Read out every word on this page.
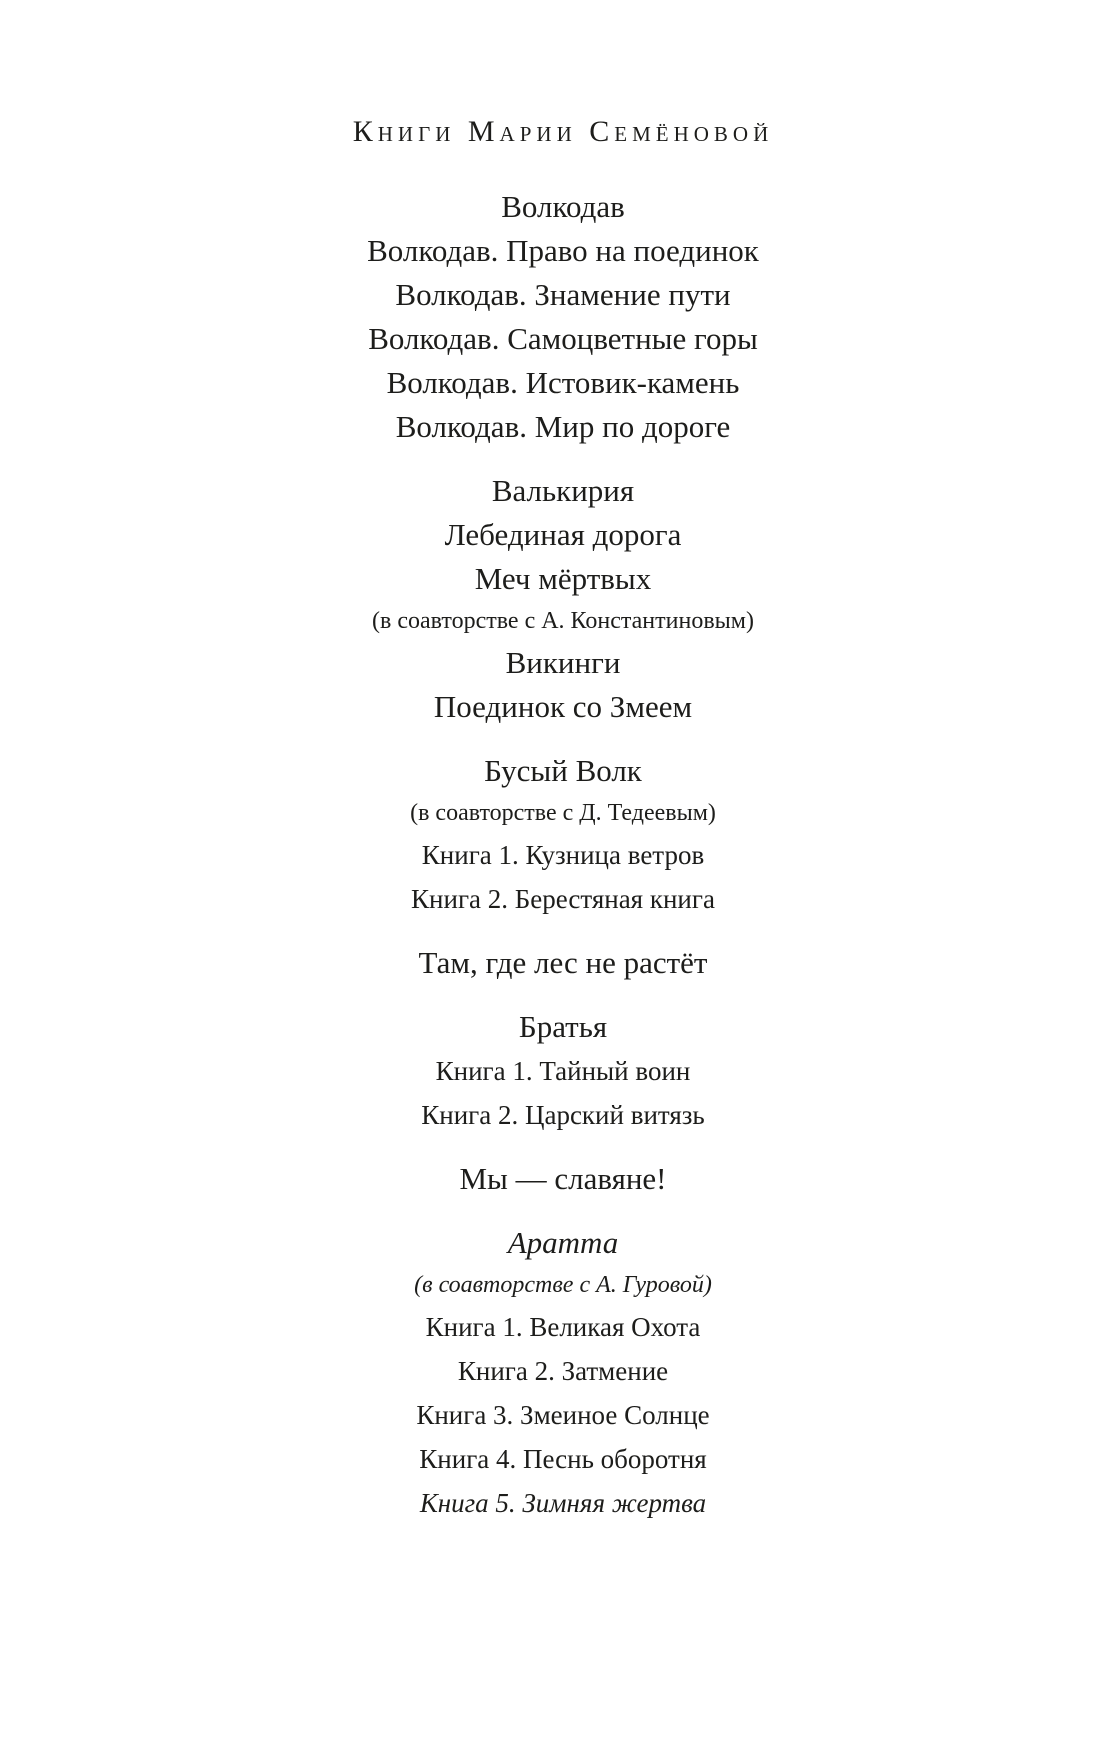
Книги Марии Семёновой
Волкодав
Волкодав. Право на поединок
Волкодав. Знамение пути
Волкодав. Самоцветные горы
Волкодав. Истовик-камень
Волкодав. Мир по дороге
Валькирия
Лебединая дорога
Меч мёртвых
(в соавторстве с А. Константиновым)
Викинги
Поединок со Змеем
Бусый Волк
(в соавторстве с Д. Тедеевым)
Книга 1. Кузница ветров
Книга 2. Берестяная книга
Там, где лес не растёт
Братья
Книга 1. Тайный воин
Книга 2. Царский витязь
Мы — славяне!
Аратта
(в соавторстве с А. Гуровой)
Книга 1. Великая Охота
Книга 2. Затмение
Книга 3. Змеиное Солнце
Книга 4. Песнь оборотня
Книга 5. Зимняя жертва
